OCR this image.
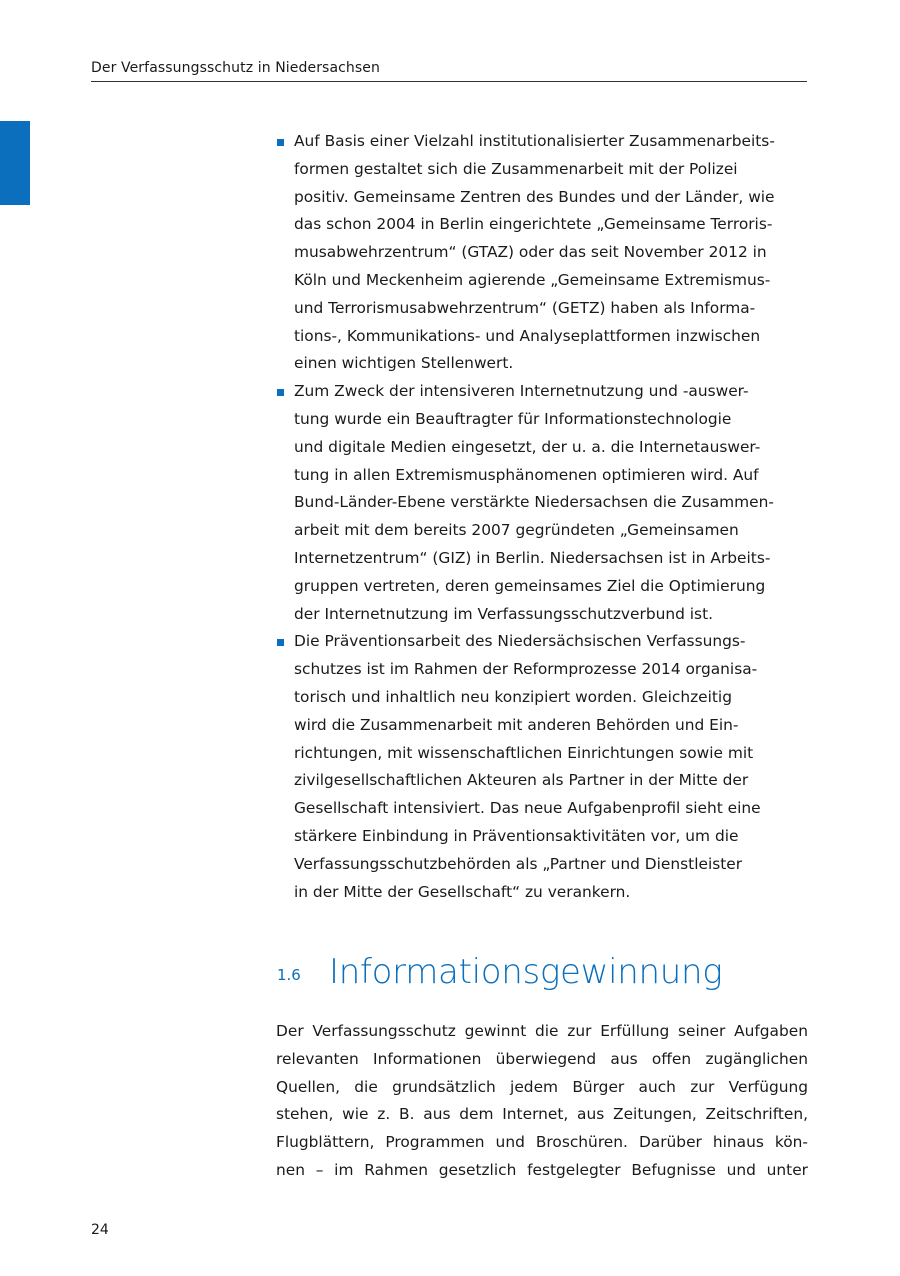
Der Verfassungsschutz in Niedersachsen
Auf Basis einer Vielzahl institutionalisierter Zusammenarbeits-
formen gestaltet sich die Zusammenarbeit mit der Polizei
positiv. Gemeinsame Zentren des Bundes und der Länder, wie
das schon 2004 in Berlin eingerichtete „Gemeinsame Terroris-
musabwehrzentrum“ (GTAZ) oder das seit November 2012 in
Köln und Meckenheim agierende „Gemeinsame Extremismus-
und Terrorismusabwehrzentrum“ (GETZ) haben als Informa-
tions-, Kommunikations- und Analyseplattformen inzwischen
einen wichtigen Stellenwert.
Zum Zweck der intensiveren Internetnutzung und -auswer-
tung wurde ein Beauftragter für Informationstechnologie
und digitale Medien eingesetzt, der u. a. die Internetauswer-
tung in allen Extremismusphänomenen optimieren wird. Auf
Bund-Länder-Ebene verstärkte Niedersachsen die Zusammen-
arbeit mit dem bereits 2007 gegründeten „Gemeinsamen
Internetzentrum“ (GIZ) in Berlin. Niedersachsen ist in Arbeits-
gruppen vertreten, deren gemeinsames Ziel die Optimierung
der Internetnutzung im Verfassungsschutzverbund ist.
Die Präventionsarbeit des Niedersächsischen Verfassungs-
schutzes ist im Rahmen der Reformprozesse 2014 organisa-
torisch und inhaltlich neu konzipiert worden. Gleichzeitig
wird die Zusammenarbeit mit anderen Behörden und Ein-
richtungen, mit wissenschaftlichen Einrichtungen sowie mit
zivilgesellschaftlichen Akteuren als Partner in der Mitte der
Gesellschaft intensiviert. Das neue Aufgabenprofil sieht eine
stärkere Einbindung in Präventionsaktivitäten vor, um die
Verfassungsschutzbehörden als „Partner und Dienstleister
in der Mitte der Gesellschaft“ zu verankern.
1.6 Informationsgewinnung
Der Verfassungsschutz gewinnt die zur Erfüllung seiner Aufgaben
relevanten Informationen überwiegend aus offen zugänglichen
Quellen, die grundsätzlich jedem Bürger auch zur Verfügung
stehen, wie z. B. aus dem Internet, aus Zeitungen, Zeitschriften,
Flugblättern, Programmen und Broschüren. Darüber hinaus kön-
nen – im Rahmen gesetzlich festgelegter Befugnisse und unter
24
